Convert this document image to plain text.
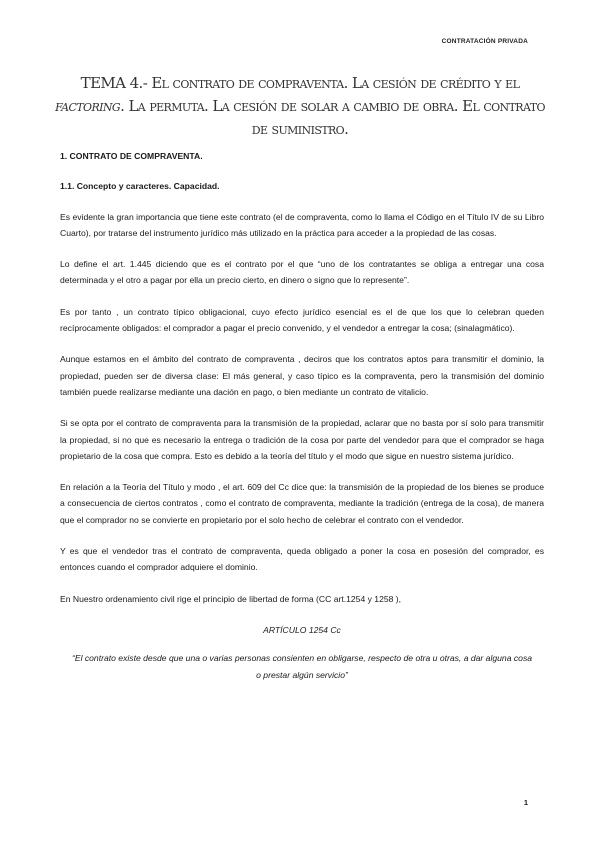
CONTRATACIÓN PRIVADA
TEMA 4.- El contrato de compraventa. La cesión de crédito y el factoring. La permuta. La cesión de solar a cambio de obra. El contrato de suministro.
1. CONTRATO DE COMPRAVENTA.
1.1. Concepto y caracteres. Capacidad.

Es evidente la gran importancia que tiene este contrato (el de compraventa, como lo llama el Código en el Título IV de su Libro Cuarto), por tratarse del instrumento jurídico más utilizado en la práctica para acceder a la propiedad de las cosas.

Lo define el art. 1.445 diciendo que es el contrato por el que “uno de los contratantes se obliga a entregar una cosa determinada y el otro a pagar por ella un precio cierto, en dinero o signo que lo represente”.

Es por tanto , un contrato típico obligacional, cuyo efecto jurídico esencial es el de que los que lo celebran queden recíprocamente obligados: el comprador a pagar el precio convenido, y el vendedor a entregar la cosa; (sinalagmático).

Aunque estamos en el ámbito del contrato de compraventa , deciros que los contratos aptos para transmitir el dominio, la propiedad, pueden ser de diversa clase: El más general, y caso típico es la compraventa, pero la transmisión del dominio también puede realizarse mediante una dación en pago, o bien mediante un contrato de vitalicio.

Si se opta por el contrato de compraventa para la transmisión de la propiedad, aclarar que no basta por sí solo para transmitir la propiedad, si no que es necesario la entrega o tradición de la cosa por parte del vendedor para que el comprador se haga propietario de la cosa que compra. Esto es debido a la teoría del título y el modo que sigue en nuestro sistema jurídico.

En relación a la Teoría del Título y modo , el art. 609 del Cc dice que: la transmisión de la propiedad de los bienes se produce a consecuencia de ciertos contratos , como el contrato de compraventa, mediante la tradición (entrega de la cosa), de manera que el comprador no se convierte en propietario por el solo hecho de celebrar el contrato con el vendedor.

Y es que el vendedor tras el contrato de compraventa, queda obligado a poner la cosa en posesión del comprador, es entonces cuando el comprador adquiere el dominio.

En Nuestro ordenamiento civil rige el principio de libertad de forma (CC art.1254 y 1258 ),

ARTÍCULO 1254 Cc
“El contrato existe desde que una o varias personas consienten en obligarse, respecto de otra u otras, a dar alguna cosa o prestar algún servicio”
1
